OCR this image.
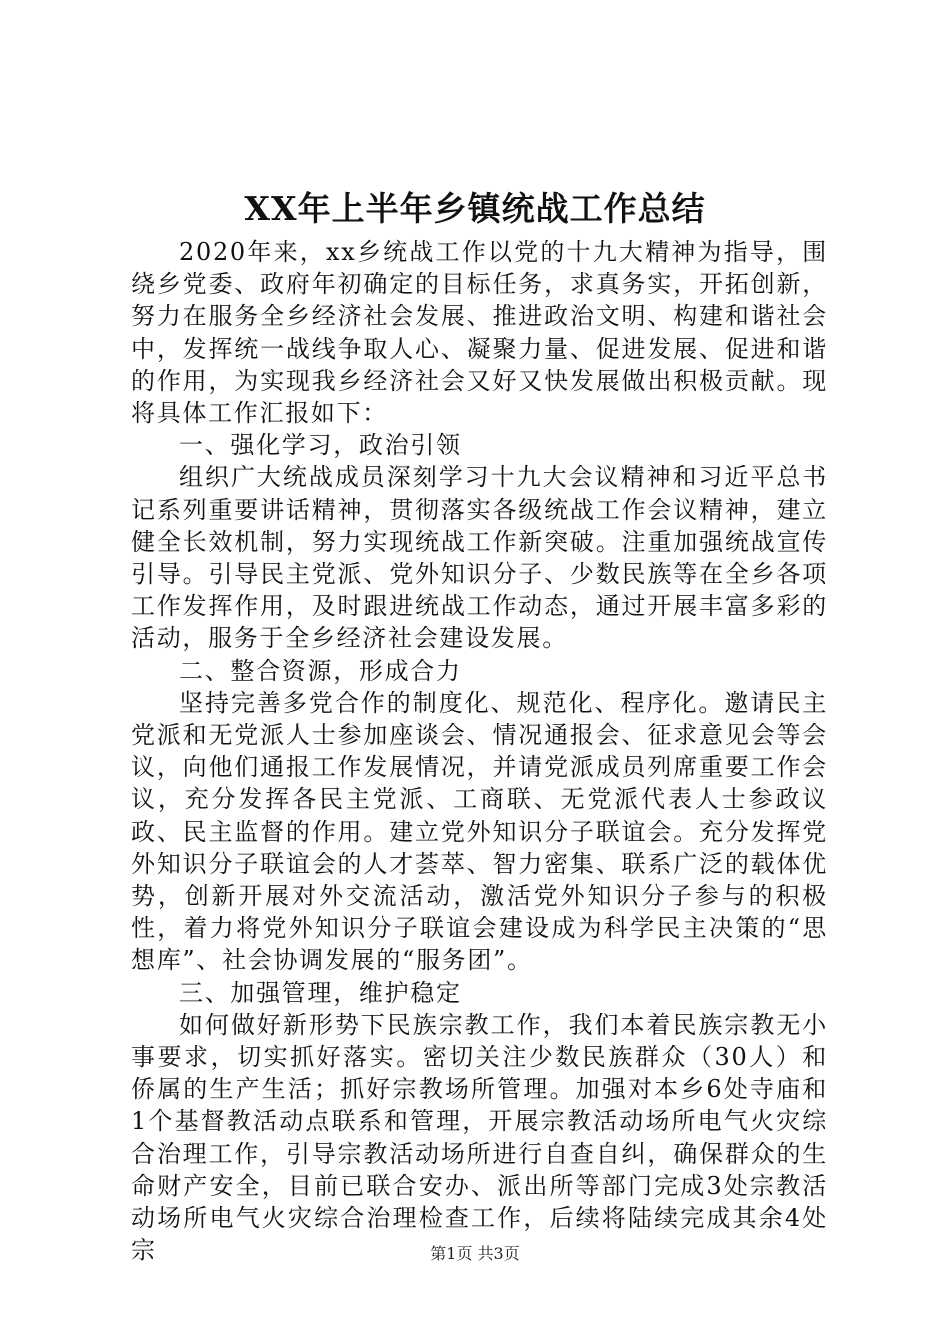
XX年上半年乡镇统战工作总结

2020年来，xx乡统战工作以党的十九大精神为指导，围绕乡党委、政府年初确定的目标任务，求真务实，开拓创新，努力在服务全乡经济社会发展、推进政治文明、构建和谐社会中，发挥统一战线争取人心、凝聚力量、促进发展、促进和谐的作用，为实现我乡经济社会又好又快发展做出积极贡献。现将具体工作汇报如下：

一、强化学习，政治引领

组织广大统战成员深刻学习十九大会议精神和习近平总书记系列重要讲话精神，贯彻落实各级统战工作会议精神，建立健全长效机制，努力实现统战工作新突破。注重加强统战宣传引导。引导民主党派、党外知识分子、少数民族等在全乡各项工作发挥作用，及时跟进统战工作动态，通过开展丰富多彩的活动，服务于全乡经济社会建设发展。

二、整合资源，形成合力

坚持完善多党合作的制度化、规范化、程序化。邀请民主党派和无党派人士参加座谈会、情况通报会、征求意见会等会议，向他们通报工作发展情况，并请党派成员列席重要工作会议，充分发挥各民主党派、工商联、无党派代表人士参政议政、民主监督的作用。建立党外知识分子联谊会。充分发挥党外知识分子联谊会的人才荟萃、智力密集、联系广泛的载体优势，创新开展对外交流活动，激活党外知识分子参与的积极性，着力将党外知识分子联谊会建设成为科学民主决策的“思想库”、社会协调发展的“服务团”。

三、加强管理，维护稳定

如何做好新形势下民族宗教工作，我们本着民族宗教无小事要求，切实抓好落实。密切关注少数民族群众（30人）和侨属的生产生活；抓好宗教场所管理。加强对本乡6处寺庙和1个基督教活动点联系和管理，开展宗教活动场所电气火灾综合治理工作，引导宗教活动场所进行自查自纠，确保群众的生命财产安全，目前已联合安办、派出所等部门完成3处宗教活动场所电气火灾综合治理检查工作，后续将陆续完成其余4处宗	第1页 共3页
